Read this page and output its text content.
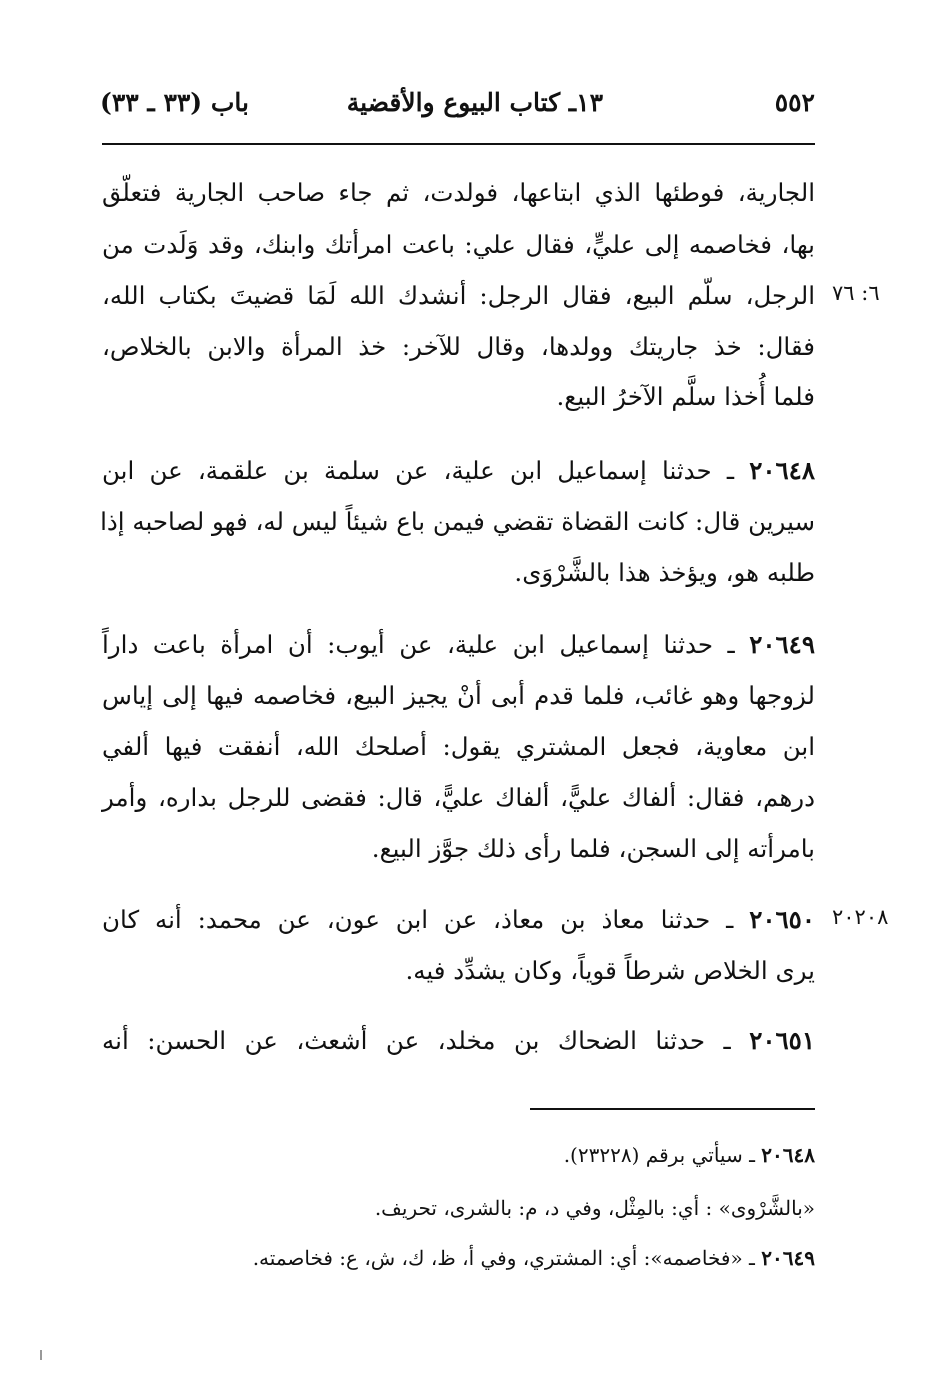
٥٥٢
١٣ـ كتاب البيوع والأقضية
باب (٣٣ ـ ٣٣)
الجارية، فوطئها الذي ابتاعها، فولدت، ثم جاء صاحب الجارية فتعلّق
بها، فخاصمه إلى عليٍّ، فقال علي: باعت امرأتك وابنك، وقد وَلَدت من
الرجل، سلّم البيع، فقال الرجل: أنشدك الله لَمَا قضيتَ بكتاب الله،
فقال: خذ جاريتك وولدها، وقال للآخر: خذ المرأة والابن بالخلاص،
فلما أُخذا سلَّم الآخرُ البيع.
٦: ٧٦
٢٠٦٤٨ ـ حدثنا إسماعيل ابن علية، عن سلمة بن علقمة، عن ابن
سيرين قال: كانت القضاة تقضي فيمن باع شيئاً ليس له، فهو لصاحبه إذا
طلبه هو، ويؤخذ هذا بالشَّرْوَى.
٢٠٦٤٩ ـ حدثنا إسماعيل ابن علية، عن أيوب: أن امرأة باعت داراً
لزوجها وهو غائب، فلما قدم أبى أنْ يجيز البيع، فخاصمه فيها إلى إياس
ابن معاوية، فجعل المشتري يقول: أصلحك الله، أنفقت فيها ألفي
درهم، فقال: ألفاك عليًّ، ألفاك عليًّ، قال: فقضى للرجل بداره، وأمر
بامرأته إلى السجن، فلما رأى ذلك جوَّز البيع.
٢٠٦٥٠ ـ حدثنا معاذ بن معاذ، عن ابن عون، عن محمد: أنه كان
يرى الخلاص شرطاً قوياً، وكان يشدِّد فيه.
٢٠٢٠٨
٢٠٦٥١ ـ حدثنا الضحاك بن مخلد، عن أشعث، عن الحسن: أنه
٢٠٦٤٨ ـ سيأتي برقم (٢٣٢٢٨).
«بالشَّرْوى» : أي: بالمِثْل، وفي د، م: بالشرى، تحريف.
٢٠٦٤٩ ـ «فخاصمه»: أي: المشتري، وفي أ، ظ، ك، ش، ع: فخاصمته.
